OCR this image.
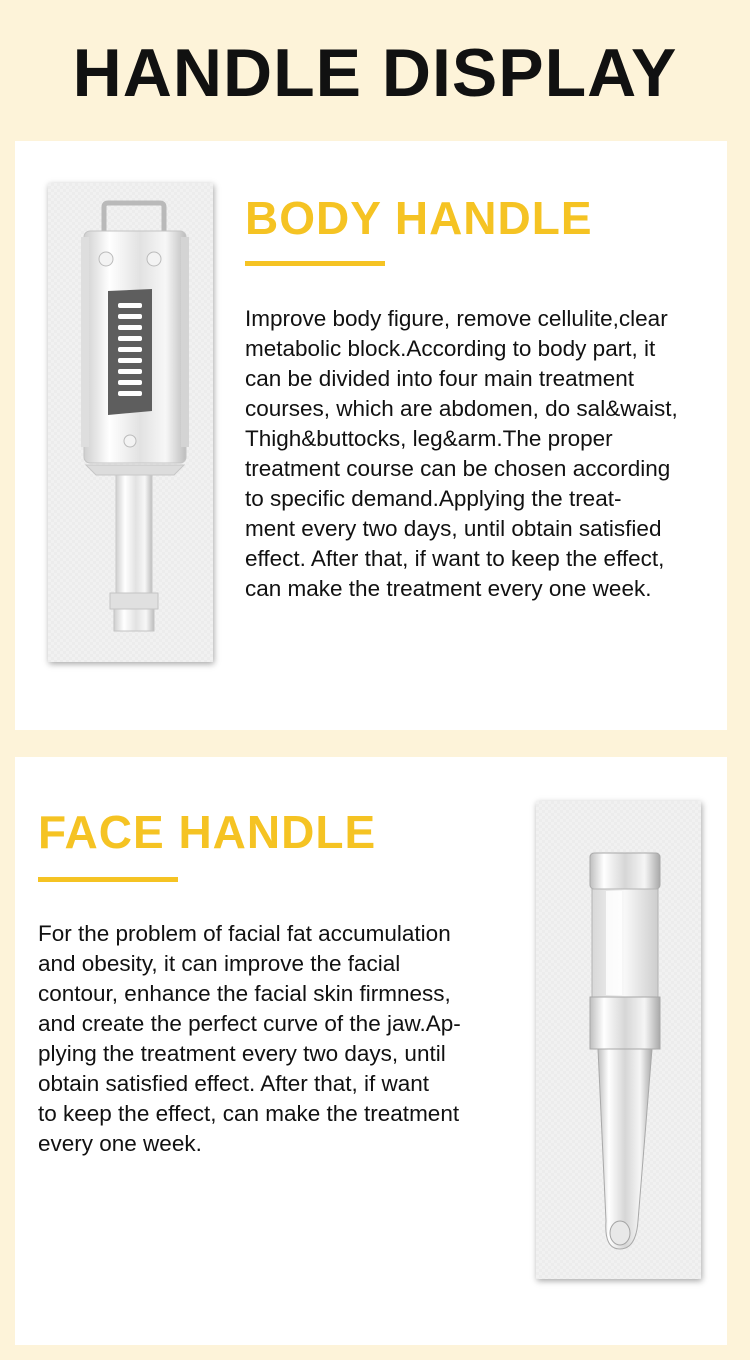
HANDLE DISPLAY
BODY HANDLE

Improve body figure, remove cellulite,clear
metabolic block.According to body part, it
can be divided into four main treatment
courses, which are abdomen, do sal&waist,
Thigh&buttocks, leg&arm.The proper
treatment course can be chosen according
to specific demand.Applying the treat-
ment every two days, until obtain satisfied
effect. After that, if want to keep the effect,
can make the treatment every one week.

FACE HANDLE

For the problem of facial fat accumulation
and obesity, it can improve the facial
contour, enhance the facial skin firmness,
and create the perfect curve of the jaw.Ap-
plying the treatment every two days, until
obtain satisfied effect. After that, if want
to keep the effect, can make the treatment
every one week.
